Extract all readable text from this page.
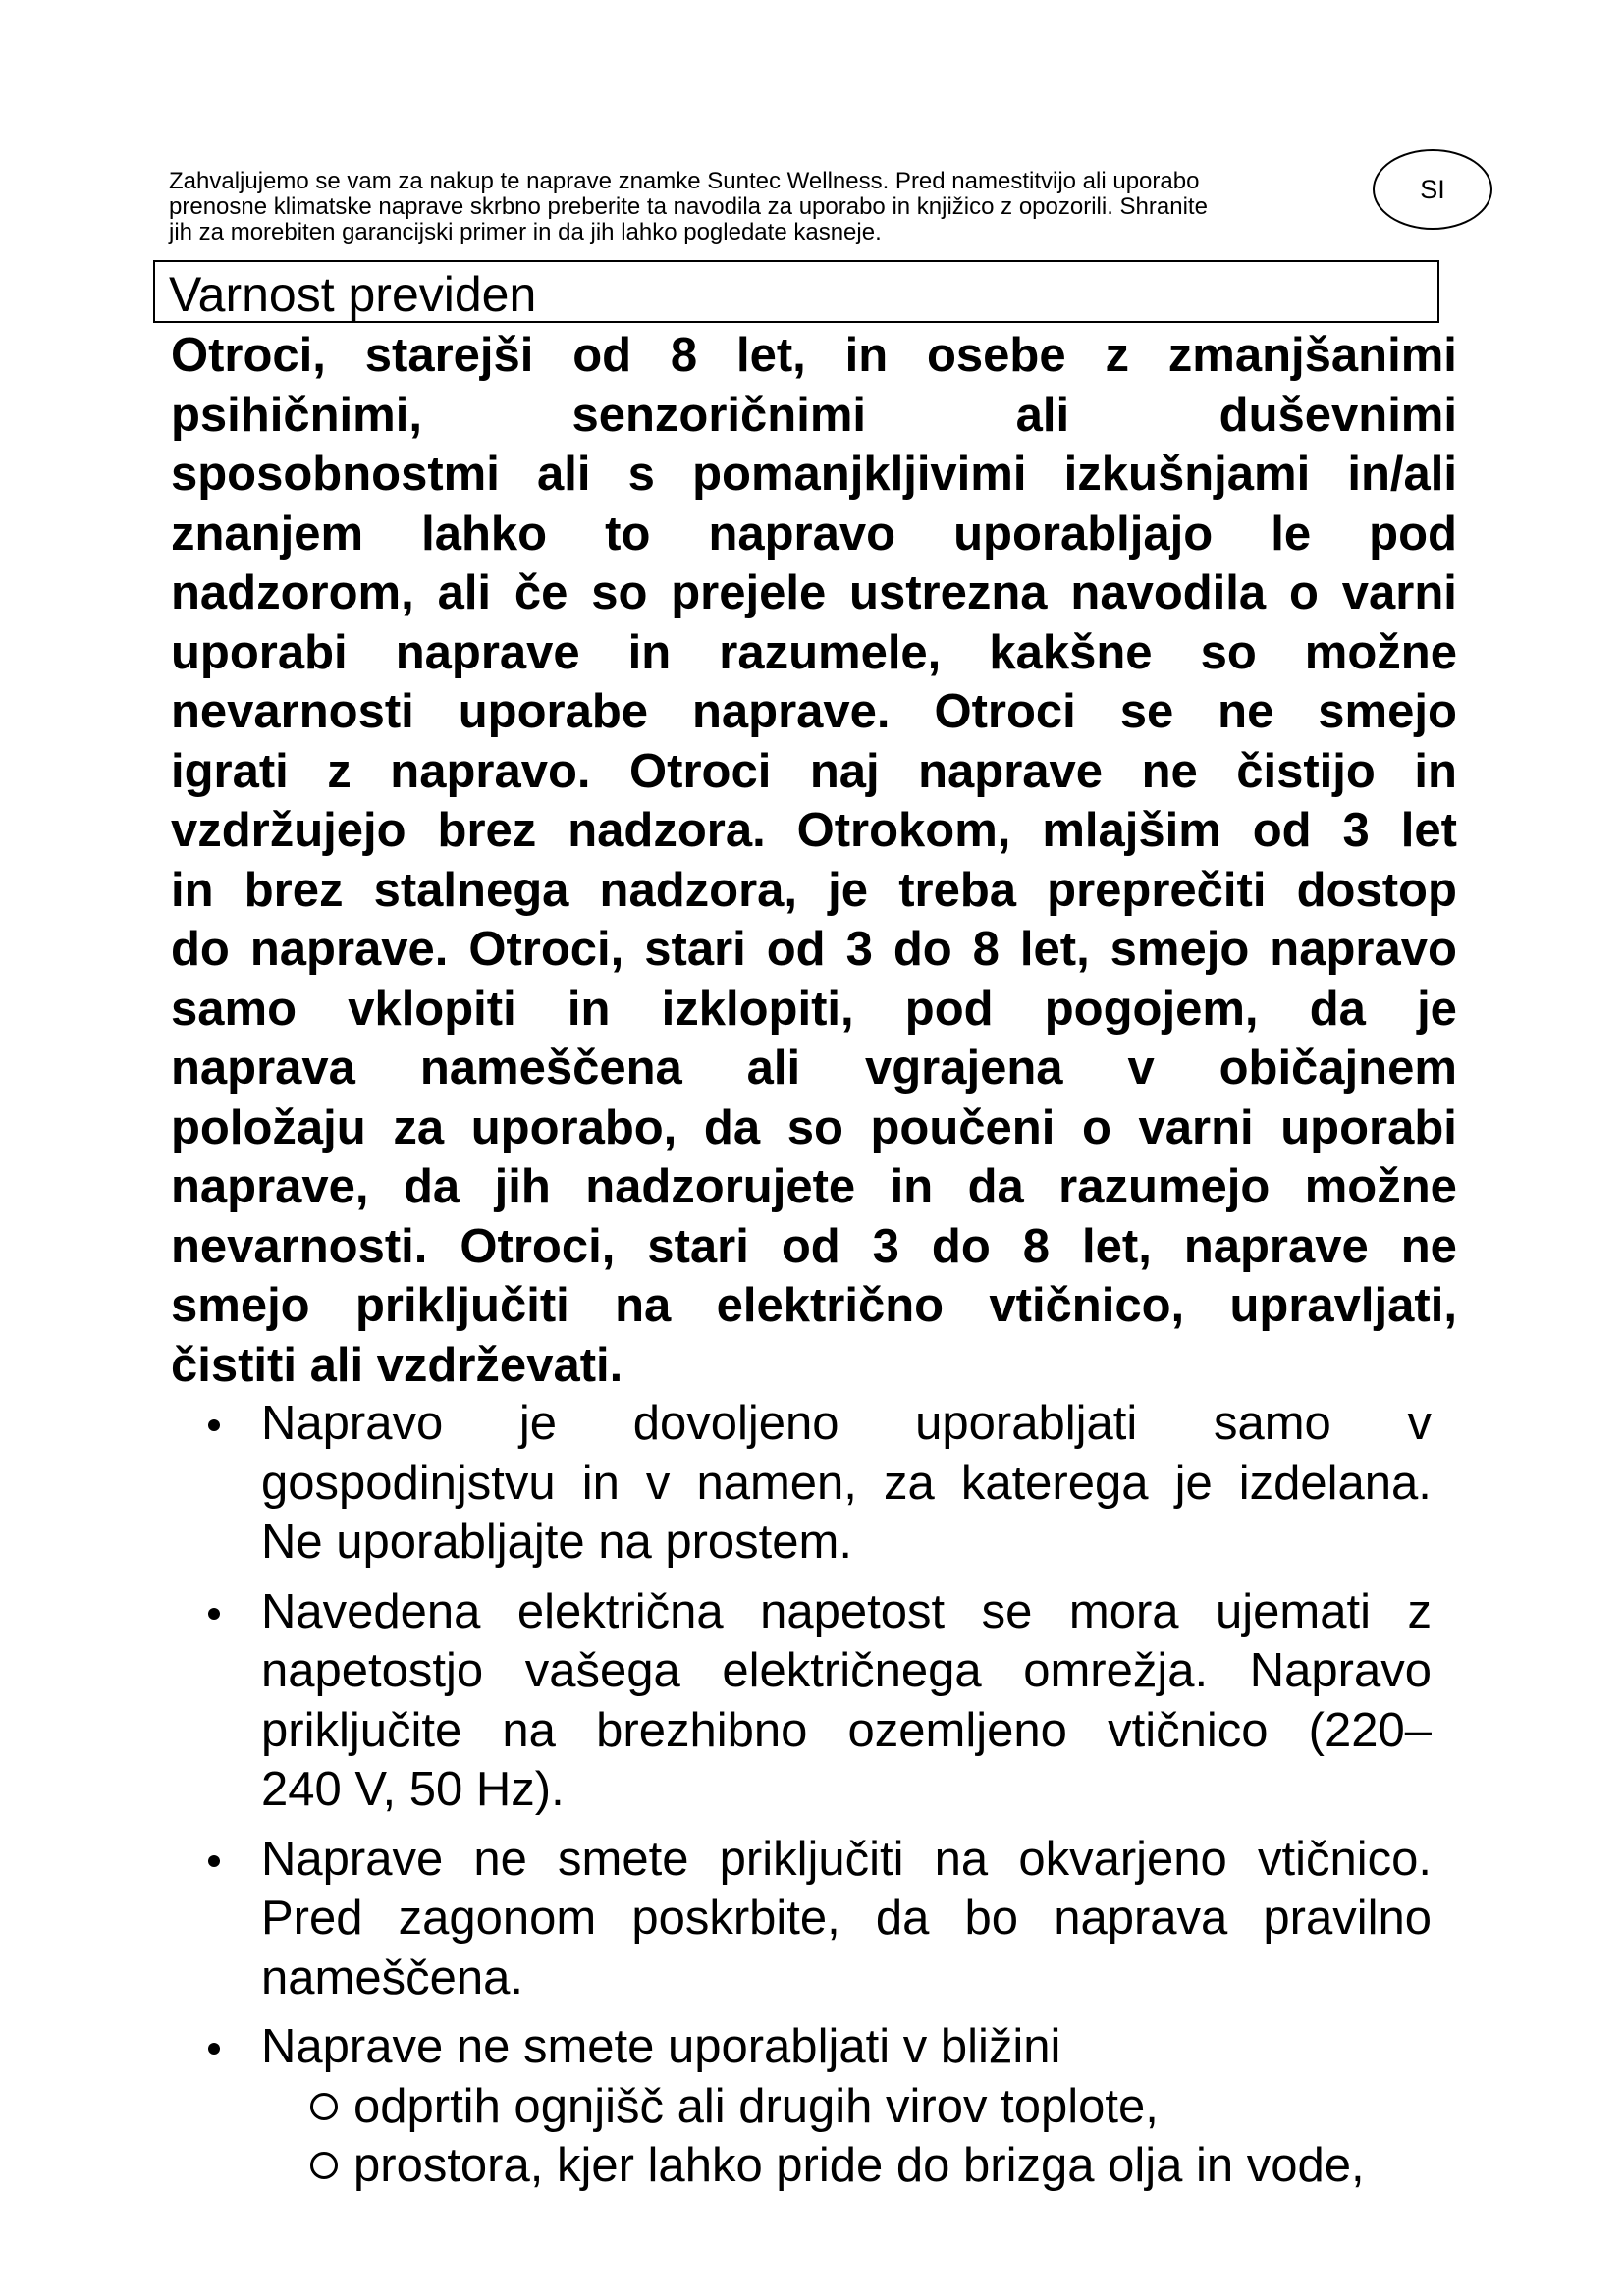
Zahvaljujemo se vam za nakup te naprave znamke Suntec Wellness. Pred namestitvijo ali uporabo
prenosne klimatske naprave skrbno preberite ta navodila za uporabo in knjižico z opozorili. Shranite
jih za morebiten garancijski primer in da jih lahko pogledate kasneje.
SI
Varnost previden
Otroci, starejši od 8 let, in osebe z zmanjšanimi
psihičnimi,	senzoričnimi	ali	duševnimi
sposobnostmi ali s pomanjkljivimi izkušnjami in/ali
znanjem lahko to napravo uporabljajo le pod
nadzorom, ali če so prejele ustrezna navodila o varni
uporabi naprave in razumele, kakšne so možne
nevarnosti uporabe naprave. Otroci se ne smejo
igrati z napravo. Otroci naj naprave ne čistijo in
vzdržujejo brez nadzora. Otrokom, mlajšim od 3 let
in brez stalnega nadzora, je treba preprečiti dostop
do naprave. Otroci, stari od 3 do 8 let, smejo napravo
samo vklopiti in izklopiti, pod pogojem, da je
naprava nameščena ali vgrajena v običajnem
položaju za uporabo, da so poučeni o varni uporabi
naprave, da jih nadzorujete in da razumejo možne
nevarnosti. Otroci, stari od 3 do 8 let, naprave ne
smejo priključiti na električno vtičnico, upravljati,
čistiti ali vzdrževati.
Napravo je dovoljeno uporabljati samo v
gospodinjstvu in v namen, za katerega je izdelana.
Ne uporabljajte na prostem.
Navedena električna napetost se mora ujemati z
napetostjo vašega električnega omrežja. Napravo
priključite na brezhibno ozemljeno vtičnico (220–
240 V, 50 Hz).
Naprave ne smete priključiti na okvarjeno vtičnico.
Pred zagonom poskrbite, da bo naprava pravilno
nameščena.
Naprave ne smete uporabljati v bližini
odprtih ognjišč ali drugih virov toplote,
prostora, kjer lahko pride do brizga olja in vode,
